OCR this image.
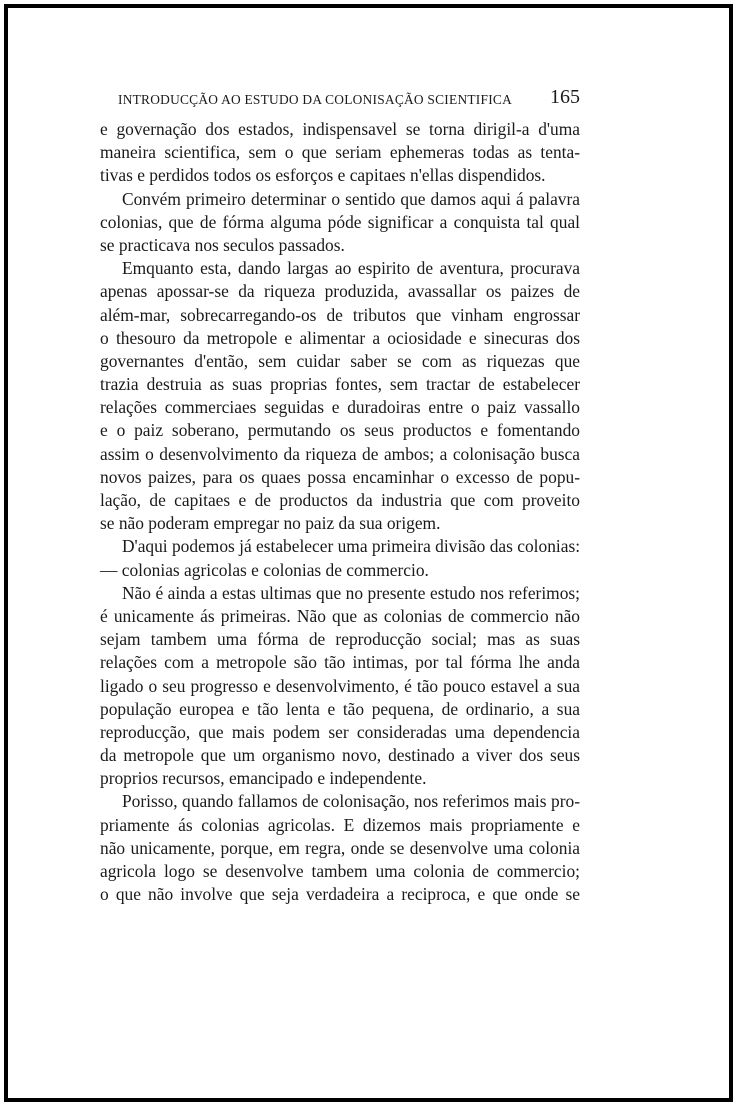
INTRODUCÇÃO AO ESTUDO DA COLONISAÇÃO SCIENTIFICA 165
e governação dos estados, indispensavel se torna dirigil-a d'uma
maneira scientifica, sem o que seriam ephemeras todas as tenta-
tivas e perdidos todos os esforços e capitaes n'ellas dispendidos.
Convém primeiro determinar o sentido que damos aqui á palavra
colonias, que de fórma alguma póde significar a conquista tal qual
se practicava nos seculos passados.
Emquanto esta, dando largas ao espirito de aventura, procurava
apenas apossar-se da riqueza produzida, avassallar os paizes de
além-mar, sobrecarregando-os de tributos que vinham engrossar
o thesouro da metropole e alimentar a ociosidade e sinecuras dos
governantes d'então, sem cuidar saber se com as riquezas que
trazia destruia as suas proprias fontes, sem tractar de estabelecer
relações commerciaes seguidas e duradoiras entre o paiz vassallo
e o paiz soberano, permutando os seus productos e fomentando
assim o desenvolvimento da riqueza de ambos; a colonisação busca
novos paizes, para os quaes possa encaminhar o excesso de popu-
lação, de capitaes e de productos da industria que com proveito
se não poderam empregar no paiz da sua origem.
D'aqui podemos já estabelecer uma primeira divisão das colonias:
— colonias agricolas e colonias de commercio.
Não é ainda a estas ultimas que no presente estudo nos referimos;
é unicamente ás primeiras. Não que as colonias de commercio não
sejam tambem uma fórma de reproducção social; mas as suas
relações com a metropole são tão intimas, por tal fórma lhe anda
ligado o seu progresso e desenvolvimento, é tão pouco estavel a sua
população europea e tão lenta e tão pequena, de ordinario, a sua
reproducção, que mais podem ser consideradas uma dependencia
da metropole que um organismo novo, destinado a viver dos seus
proprios recursos, emancipado e independente.
Porisso, quando fallamos de colonisação, nos referimos mais pro-
priamente ás colonias agricolas. E dizemos mais propriamente e
não unicamente, porque, em regra, onde se desenvolve uma colonia
agricola logo se desenvolve tambem uma colonia de commercio;
o que não involve que seja verdadeira a reciproca, e que onde se
